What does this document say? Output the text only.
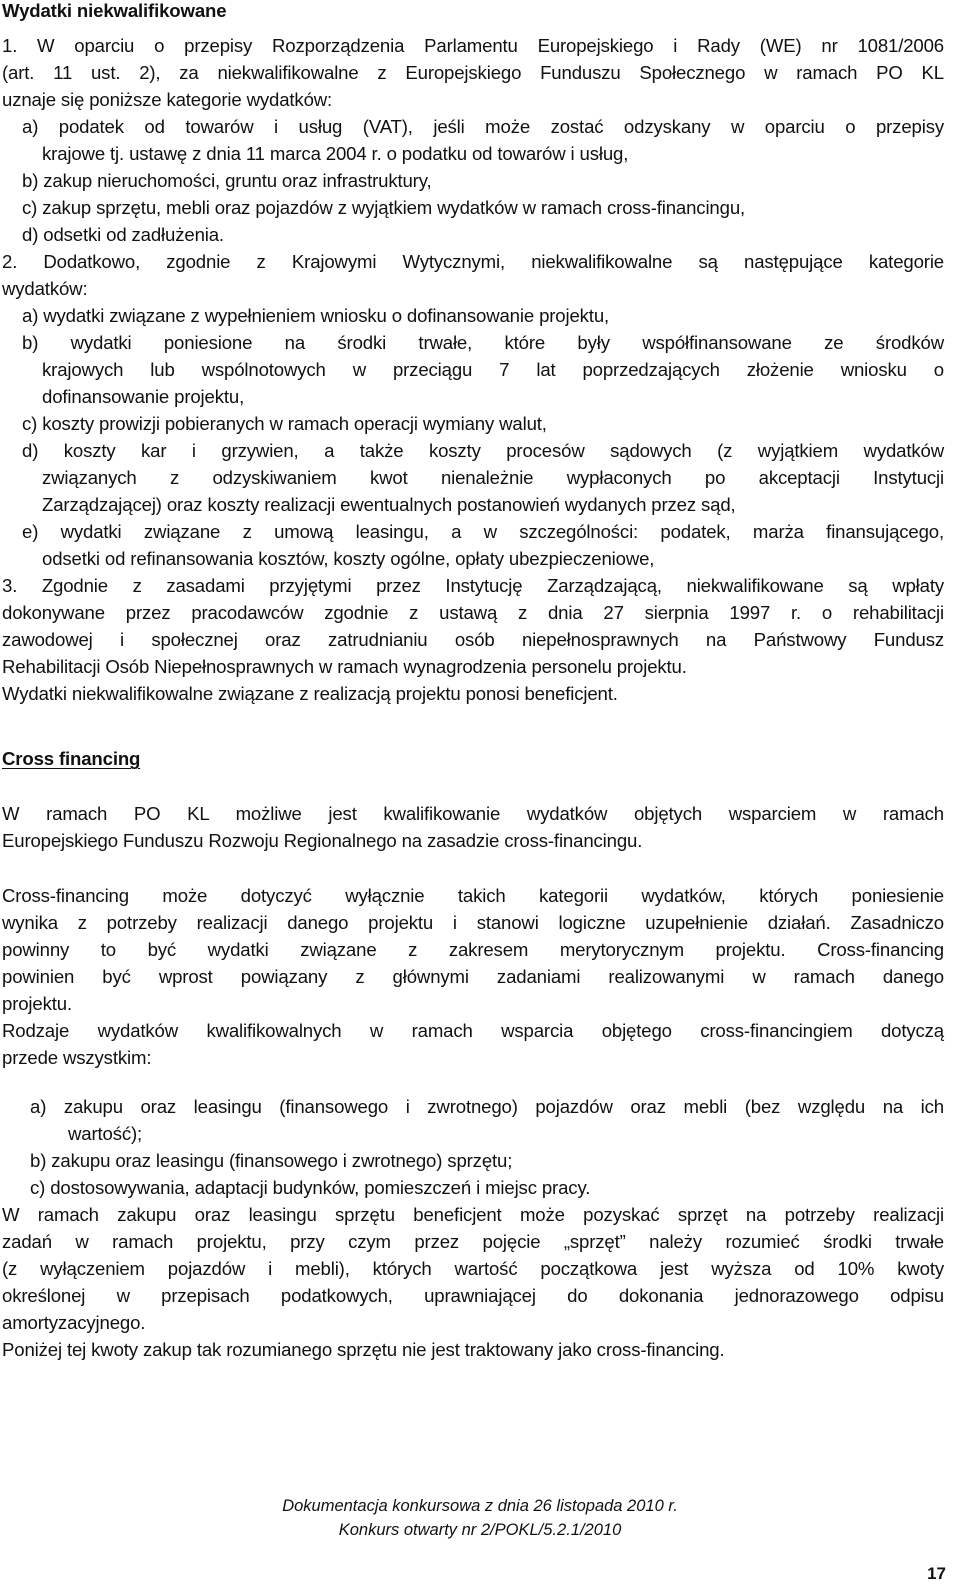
Wydatki niekwalifikowane
1. W oparciu o przepisy Rozporządzenia Parlamentu Europejskiego i Rady (WE) nr 1081/2006
(art. 11 ust. 2), za niekwalifikowalne z Europejskiego Funduszu Społecznego w ramach PO KL
uznaje się poniższe kategorie wydatków:
a) podatek od towarów i usług (VAT), jeśli może zostać odzyskany w oparciu o przepisy
krajowe tj. ustawę z dnia 11 marca 2004 r. o podatku od towarów i usług,
b) zakup nieruchomości, gruntu oraz infrastruktury,
c) zakup sprzętu, mebli oraz pojazdów z wyjątkiem wydatków w ramach cross-financingu,
d) odsetki od zadłużenia.
2. Dodatkowo, zgodnie z Krajowymi Wytycznymi, niekwalifikowalne są następujące kategorie
wydatków:
a) wydatki związane z wypełnieniem wniosku o dofinansowanie projektu,
b) wydatki poniesione na środki trwałe, które były współfinansowane ze środków
krajowych lub wspólnotowych w przeciągu 7 lat poprzedzających złożenie wniosku o
dofinansowanie projektu,
c) koszty prowizji pobieranych w ramach operacji wymiany walut,
d) koszty kar i grzywien, a także koszty procesów sądowych (z wyjątkiem wydatków
związanych z odzyskiwaniem kwot nienależnie wypłaconych po akceptacji Instytucji
Zarządzającej) oraz koszty realizacji ewentualnych postanowień wydanych przez sąd,
e) wydatki związane z umową leasingu, a w szczególności: podatek, marża finansującego,
odsetki od refinansowania kosztów, koszty ogólne, opłaty ubezpieczeniowe,
3. Zgodnie z zasadami przyjętymi przez Instytucję Zarządzającą, niekwalifikowane są wpłaty
dokonywane przez pracodawców zgodnie z ustawą z dnia 27 sierpnia 1997 r. o rehabilitacji
zawodowej i społecznej oraz zatrudnianiu osób niepełnosprawnych na Państwowy Fundusz
Rehabilitacji Osób Niepełnosprawnych w ramach wynagrodzenia personelu projektu.
Wydatki niekwalifikowalne związane z realizacją projektu ponosi beneficjent.
Cross financing
W ramach PO KL możliwe jest kwalifikowanie wydatków objętych wsparciem w ramach
Europejskiego Funduszu Rozwoju Regionalnego na zasadzie cross-financingu.
Cross-financing może dotyczyć wyłącznie takich kategorii wydatków, których poniesienie
wynika z potrzeby realizacji danego projektu i stanowi logiczne uzupełnienie działań. Zasadniczo
powinny to być wydatki związane z zakresem merytorycznym projektu. Cross-financing
powinien być wprost powiązany z głównymi zadaniami realizowanymi w ramach danego
projektu.
Rodzaje wydatków kwalifikowalnych w ramach wsparcia objętego cross-financingiem dotyczą
przede wszystkim:
a) zakupu oraz leasingu (finansowego i zwrotnego) pojazdów oraz mebli (bez względu na ich
wartość);
b) zakupu oraz leasingu (finansowego i zwrotnego) sprzętu;
c) dostosowywania, adaptacji budynków, pomieszczeń i miejsc pracy.
W ramach zakupu oraz leasingu sprzętu beneficjent może pozyskać sprzęt na potrzeby realizacji
zadań w ramach projektu, przy czym przez pojęcie „sprzęt” należy rozumieć środki trwałe
(z wyłączeniem pojazdów i mebli), których wartość początkowa jest wyższa od 10% kwoty
określonej w przepisach podatkowych, uprawniającej do dokonania jednorazowego odpisu
amortyzacyjnego.
Poniżej tej kwoty zakup tak rozumianego sprzętu nie jest traktowany jako cross-financing.
Dokumentacja konkursowa z dnia 26 listopada 2010 r.
Konkurs otwarty nr 2/POKL/5.2.1/2010
17
